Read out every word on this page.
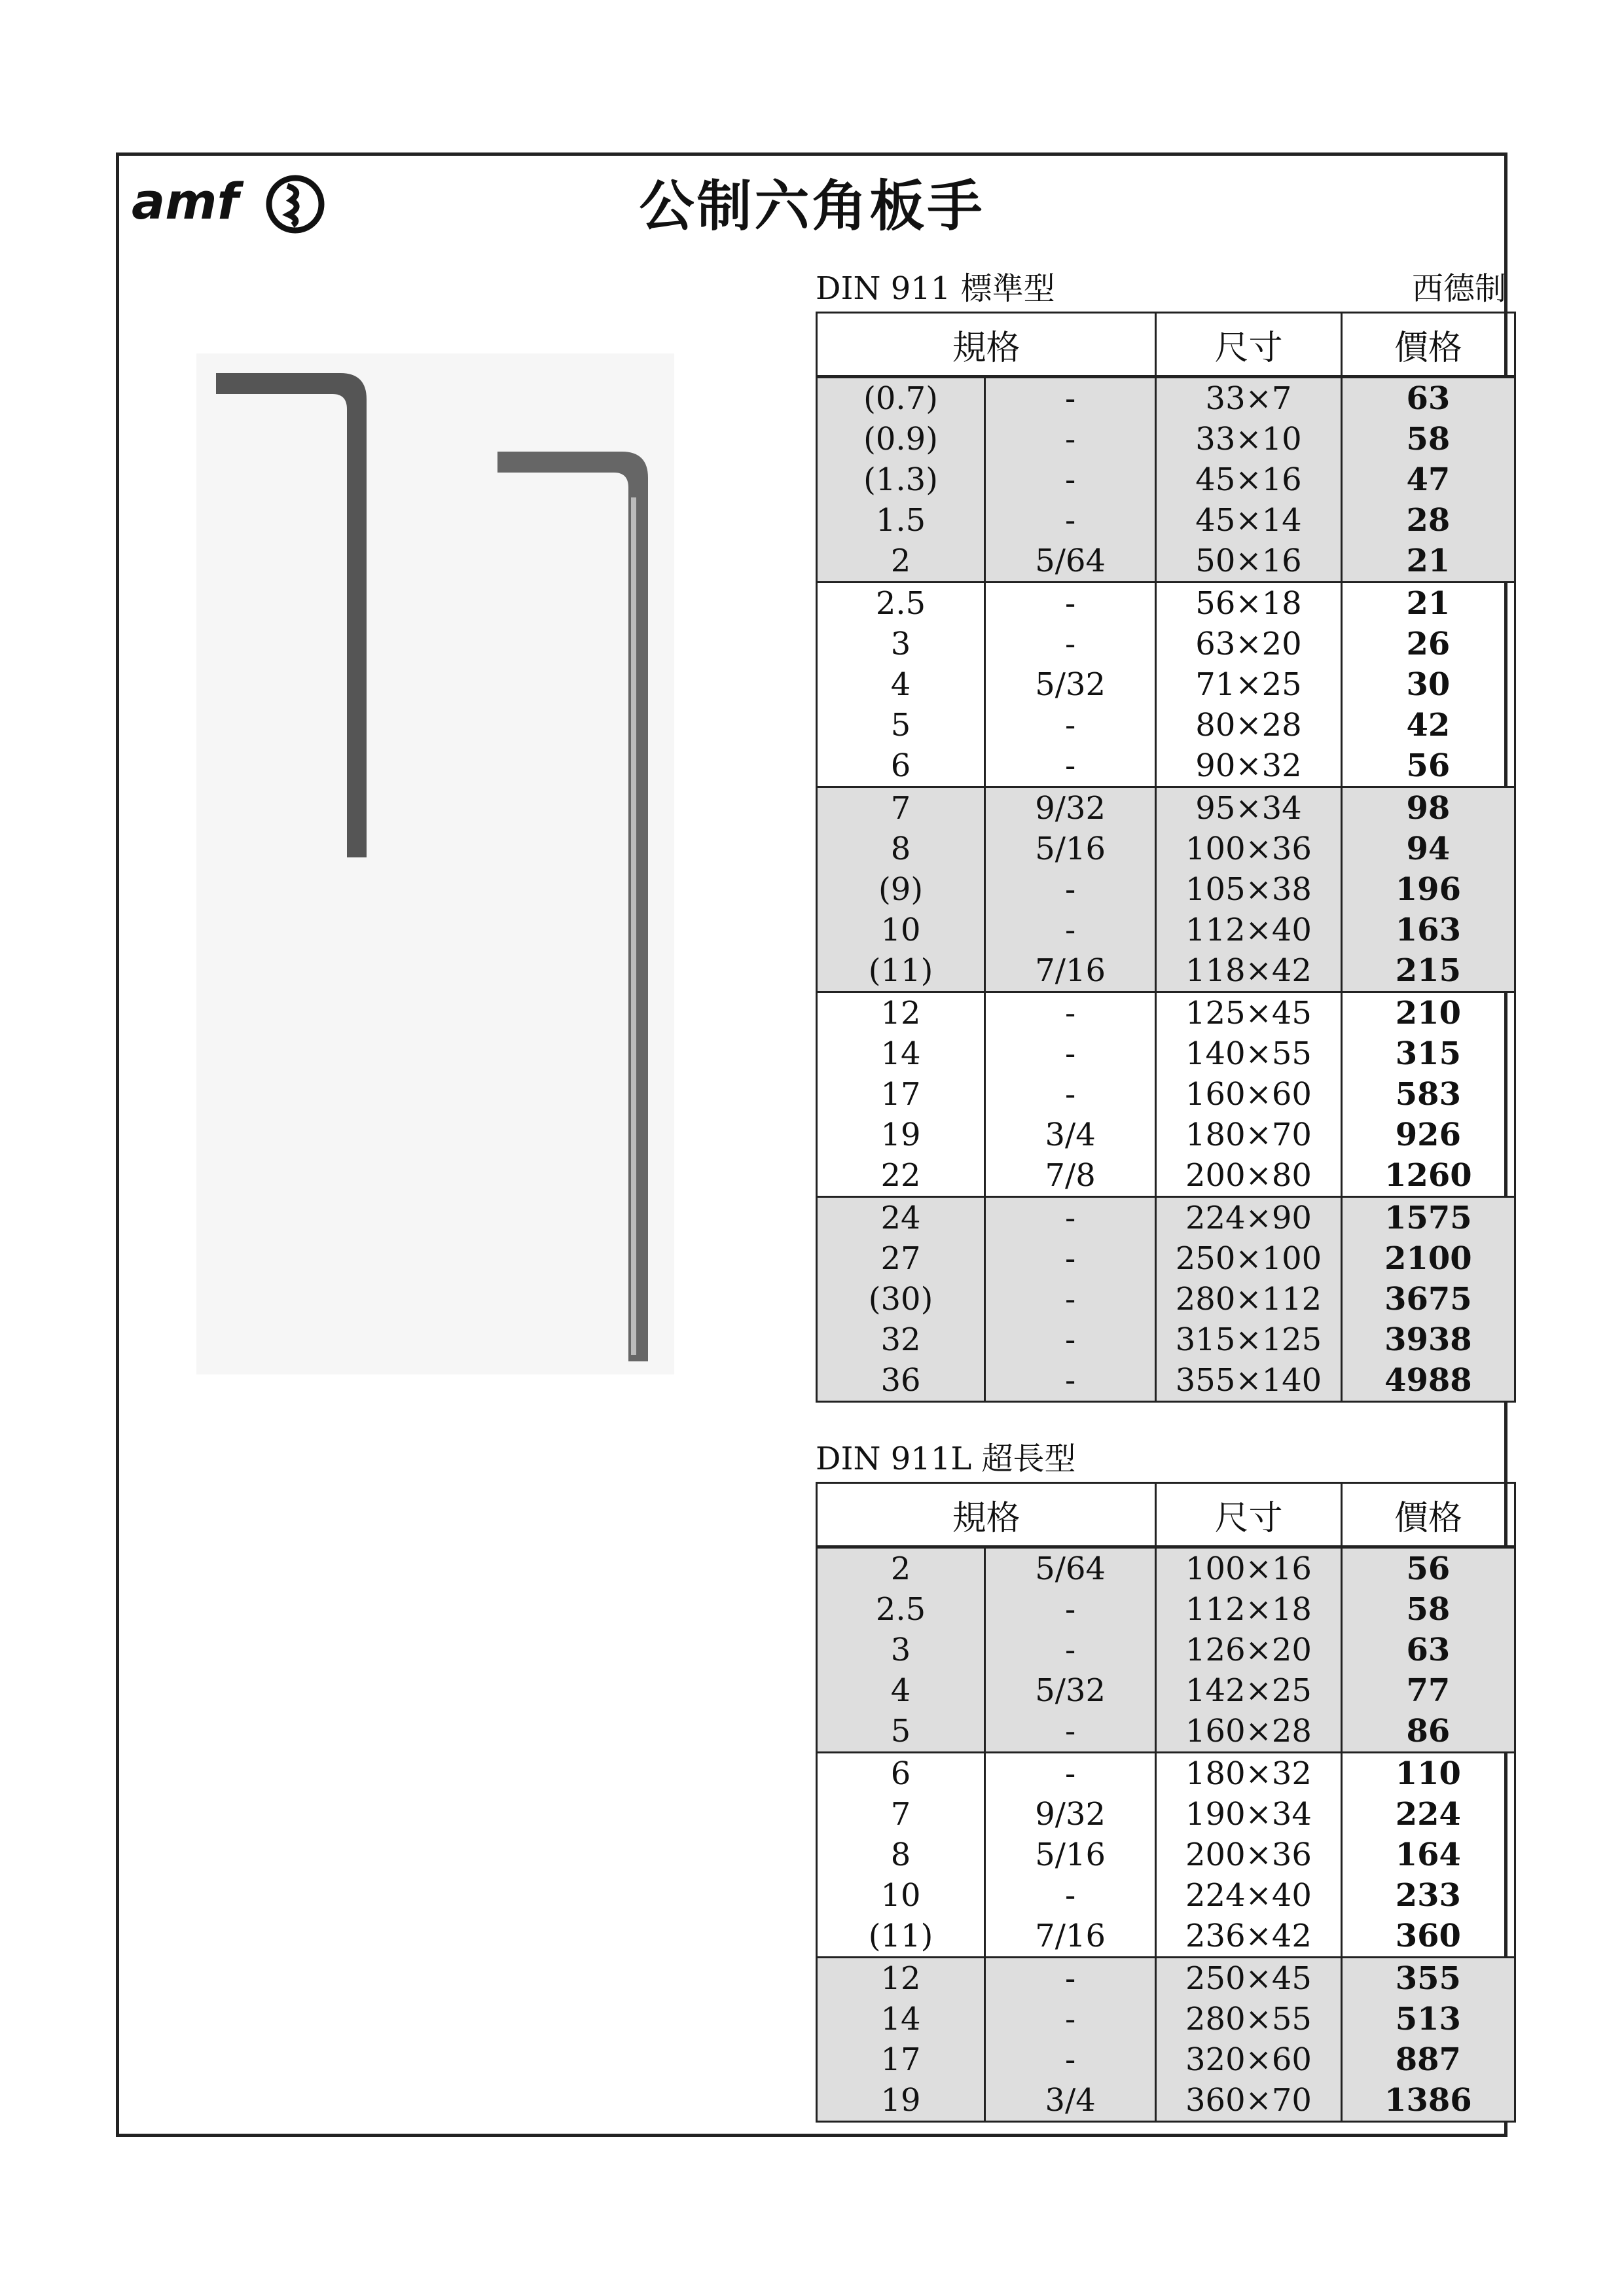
amf	公制六角板手
DIN 911 標準型	西德制
規格		尺寸	價格
(0.7)	-	33×7	63
(0.9)	-	33×10	58
(1.3)	-	45×16	47
1.5	-	45×14	28
2	5/64	50×16	21
2.5	-	56×18	21
3	-	63×20	26
4	5/32	71×25	30
5	-	80×28	42
6	-	90×32	56
7	9/32	95×34	98
8	5/16	100×36	94
(9)	-	105×38	196
10	-	112×40	163
(11)	7/16	118×42	215
12	-	125×45	210
14	-	140×55	315
17	-	160×60	583
19	3/4	180×70	926
22	7/8	200×80	1260
24	-	224×90	1575
27	-	250×100	2100
(30)	-	280×112	3675
32	-	315×125	3938
36	-	355×140	4988
DIN 911L 超長型
規格		尺寸	價格
2	5/64	100×16	56
2.5	-	112×18	58
3	-	126×20	63
4	5/32	142×25	77
5	-	160×28	86
6	-	180×32	110
7	9/32	190×34	224
8	5/16	200×36	164
10	-	224×40	233
(11)	7/16	236×42	360
12	-	250×45	355
14	-	280×55	513
17	-	320×60	887
19	3/4	360×70	1386
